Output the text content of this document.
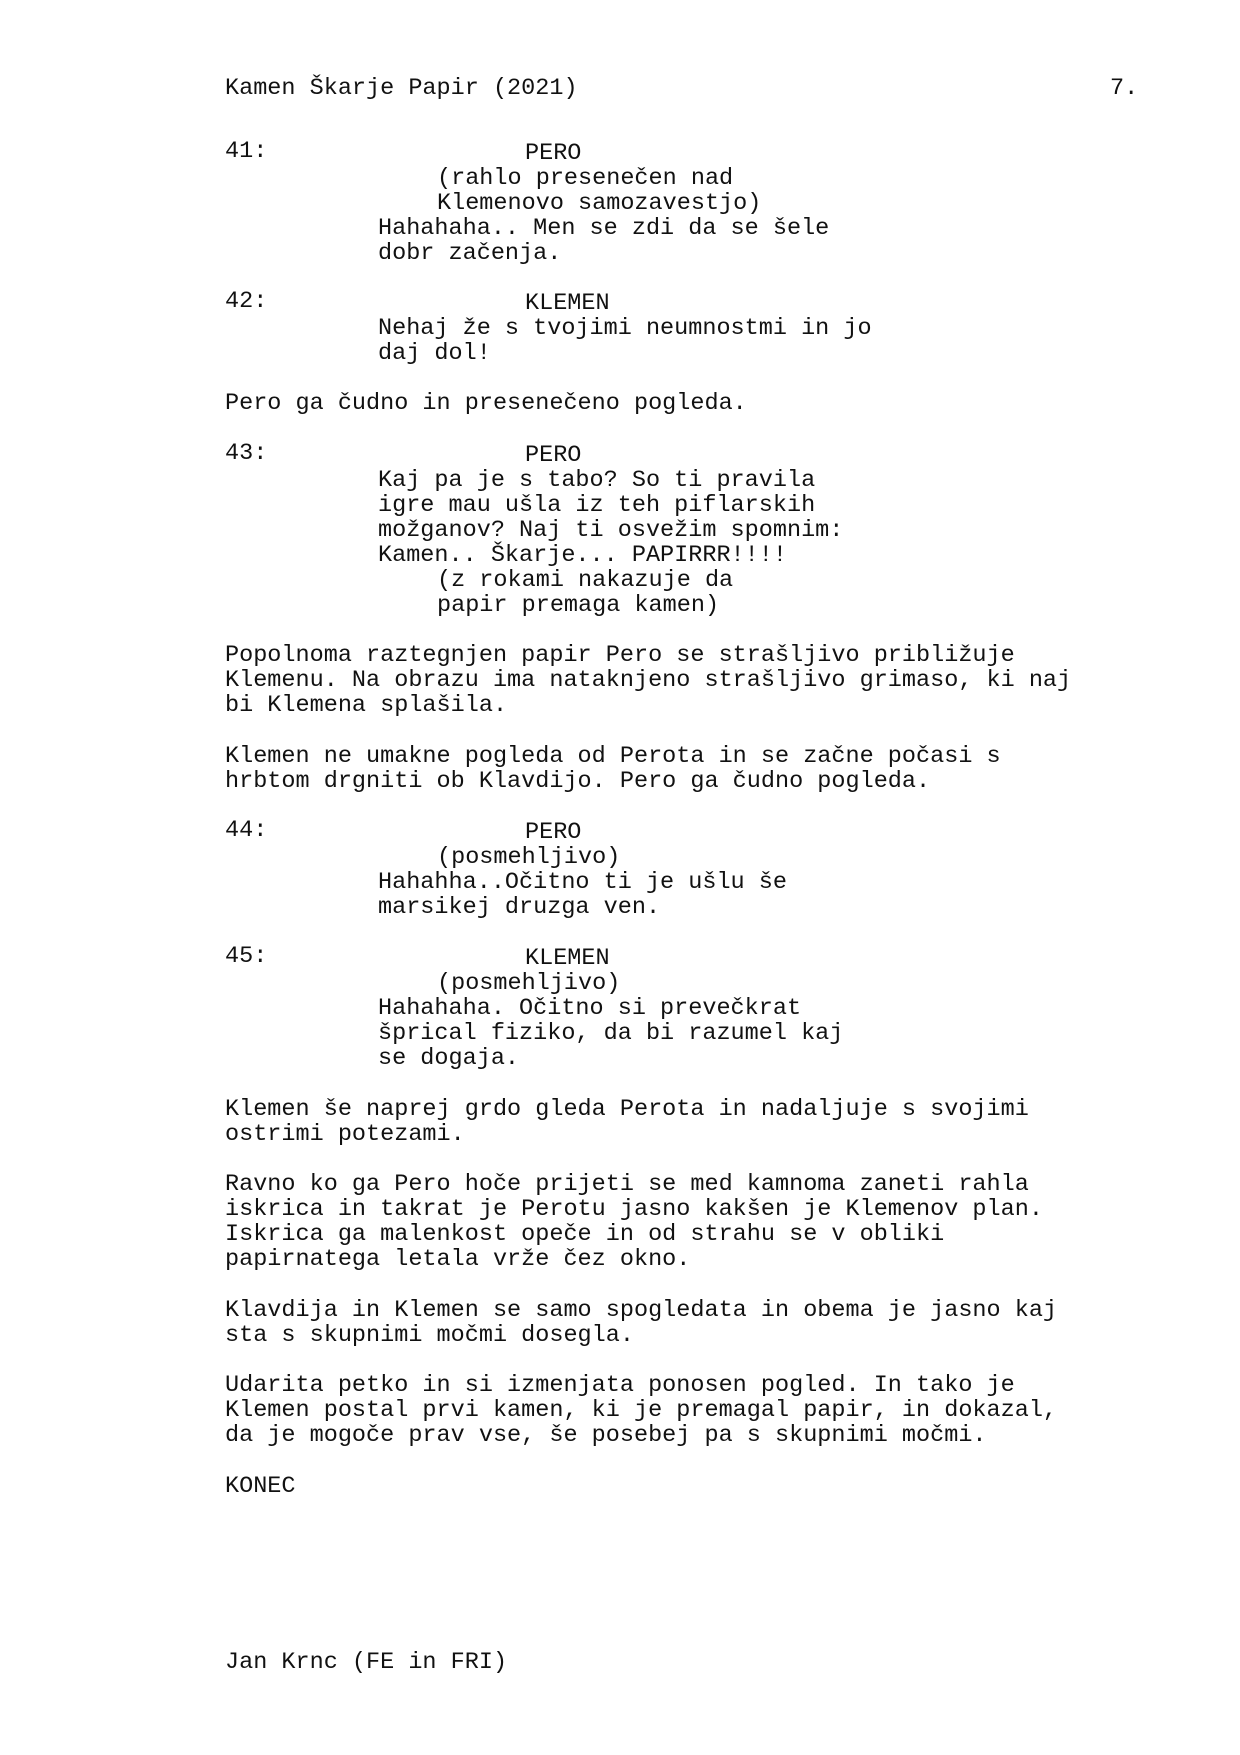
Kamen Škarje Papir (2021)	7.
41:	PERO
(rahlo presenečen nad
Klemenovo samozavestjo)
Hahahaha.. Men se zdi da se šele
dobr začenja.
42:	KLEMEN
Nehaj že s tvojimi neumnostmi in jo
daj dol!
Pero ga čudno in presenečeno pogleda.
43:	PERO
Kaj pa je s tabo? So ti pravila
igre mau ušla iz teh piflarskih
možganov? Naj ti osvežim spomnim:
Kamen.. Škarje... PAPIRRR!!!!
(z rokami nakazuje da
papir premaga kamen)
Popolnoma raztegnjen papir Pero se strašljivo približuje
Klemenu. Na obrazu ima nataknjeno strašljivo grimaso, ki naj
bi Klemena splašila.
Klemen ne umakne pogleda od Perota in se začne počasi s
hrbtom drgniti ob Klavdijo. Pero ga čudno pogleda.
44:	PERO
(posmehljivo)
Hahahha..Očitno ti je ušlu še
marsikej druzga ven.
45:	KLEMEN
(posmehljivo)
Hahahaha. Očitno si prevečkrat
šprical fiziko, da bi razumel kaj
se dogaja.
Klemen še naprej grdo gleda Perota in nadaljuje s svojimi
ostrimi potezami.
Ravno ko ga Pero hoče prijeti se med kamnoma zaneti rahla
iskrica in takrat je Perotu jasno kakšen je Klemenov plan.
Iskrica ga malenkost opeče in od strahu se v obliki
papirnatega letala vrže čez okno.
Klavdija in Klemen se samo spogledata in obema je jasno kaj
sta s skupnimi močmi dosegla.
Udarita petko in si izmenjata ponosen pogled. In tako je
Klemen postal prvi kamen, ki je premagal papir, in dokazal,
da je mogoče prav vse, še posebej pa s skupnimi močmi.
KONEC
Jan Krnc (FE in FRI)
